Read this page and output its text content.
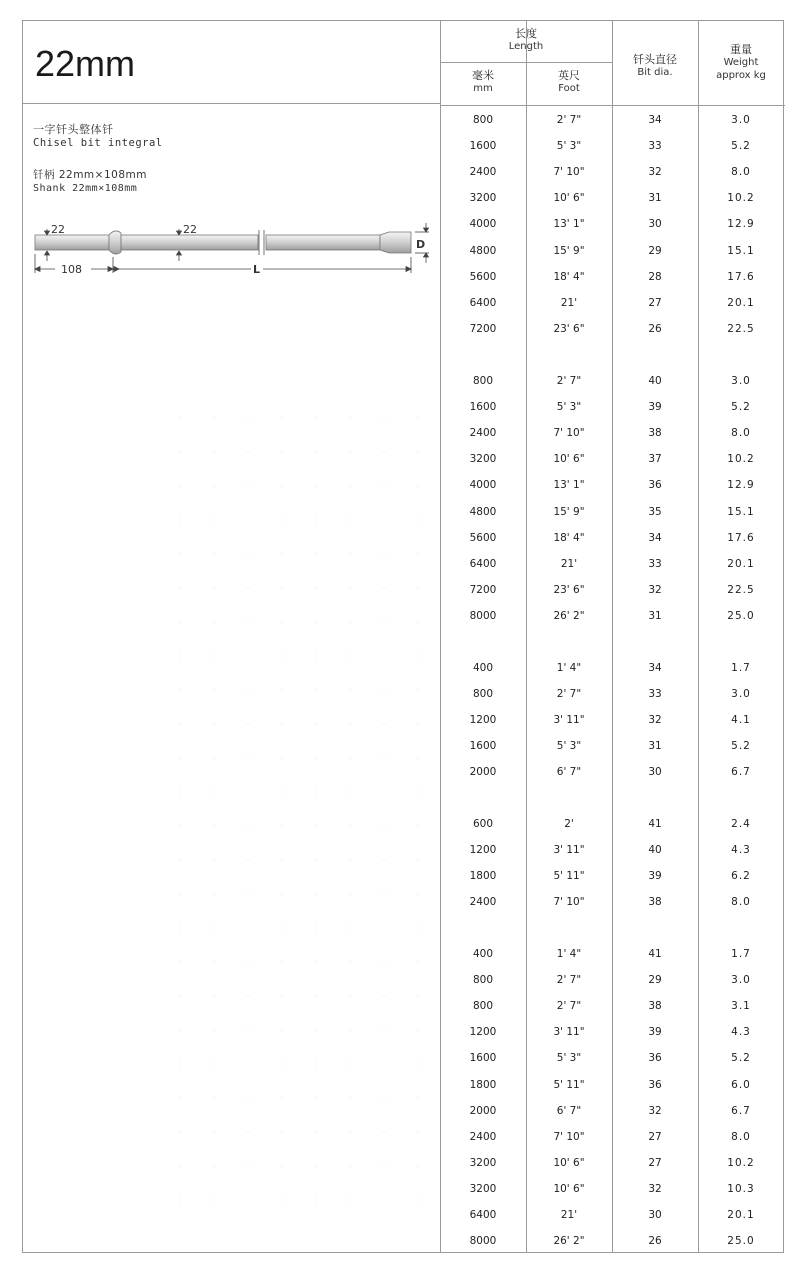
22mm
一字钎头整体钎
Chisel bit integral
钎柄 22mm×108mm
Shank 22mm×108mm
22	22
D
108	L
长度
Length
毫米
mm
英尺
Foot
钎头直径
Bit dia.
重量
Weight
approx kg
800	2' 7"	34	3.0
1600	5' 3"	33	5.2
2400	7' 10"	32	8.0
3200	10' 6"	31	10.2
4000	13' 1"	30	12.9
4800	15' 9"	29	15.1
5600	18' 4"	28	17.6
6400	21'	27	20.1
7200	23' 6"	26	22.5
800	2' 7"	40	3.0
1600	5' 3"	39	5.2
2400	7' 10"	38	8.0
3200	10' 6"	37	10.2
4000	13' 1"	36	12.9
4800	15' 9"	35	15.1
5600	18' 4"	34	17.6
6400	21'	33	20.1
7200	23' 6"	32	22.5
8000	26' 2"	31	25.0
400	1' 4"	34	1.7
800	2' 7"	33	3.0
1200	3' 11"	32	4.1
1600	5' 3"	31	5.2
2000	6' 7"	30	6.7
600	2'	41	2.4
1200	3' 11"	40	4.3
1800	5' 11"	39	6.2
2400	7' 10"	38	8.0
400	1' 4"	41	1.7
800	2' 7"	29	3.0
800	2' 7"	38	3.1
1200	3' 11"	39	4.3
1600	5' 3"	36	5.2
1800	5' 11"	36	6.0
2000	6' 7"	32	6.7
2400	7' 10"	27	8.0
3200	10' 6"	27	10.2
3200	10' 6"	32	10.3
6400	21'	30	20.1
8000	26' 2"	26	25.0
